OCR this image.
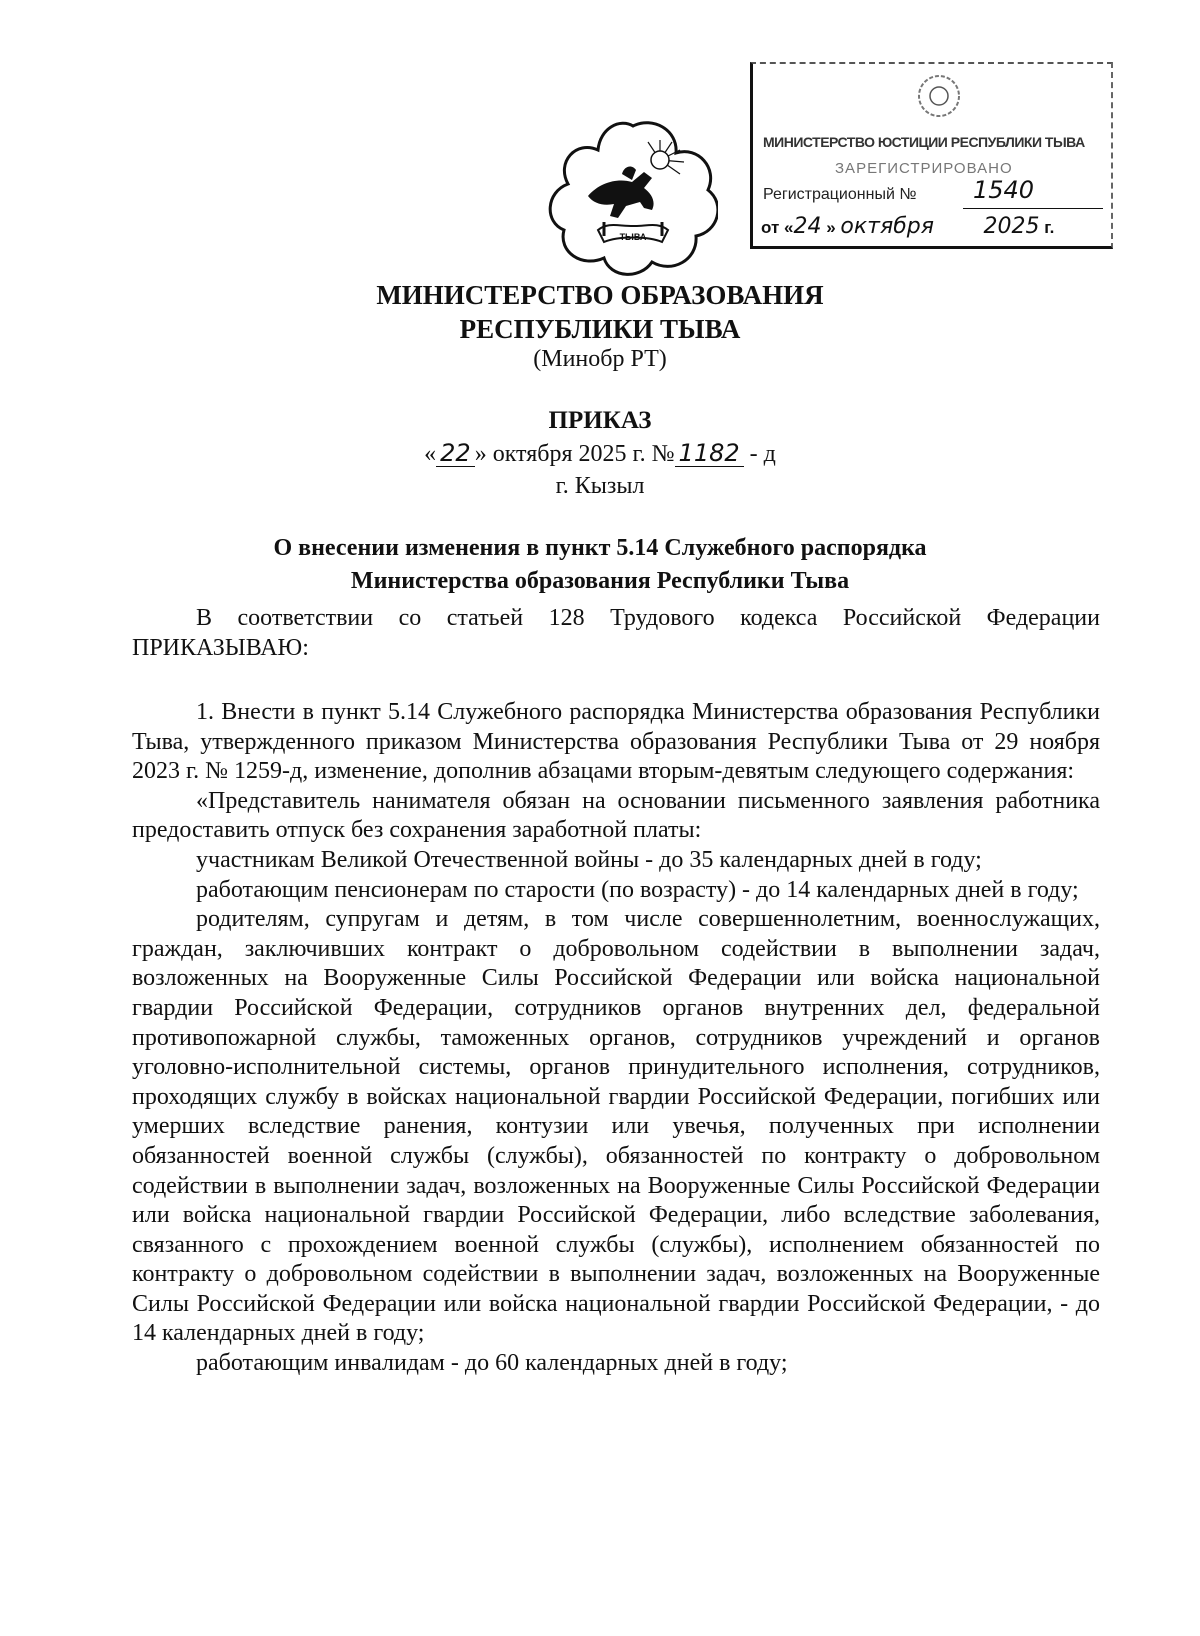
ТЫВА
МИНИСТЕРСТВО ЮСТИЦИИ РЕСПУБЛИКИ ТЫВА
ЗАРЕГИСТРИРОВАНО
Регистрационный № 1540
от «24 » октября 2025 г.
МИНИСТЕРСТВО ОБРАЗОВАНИЯ
РЕСПУБЛИКИ ТЫВА
(Минобр РТ)
ПРИКАЗ
« 22 » октября 2025 г. № 1182 - д
г. Кызыл
О внесении изменения в пункт 5.14 Служебного распорядка
Министерства образования Республики Тыва

В соответствии со статьей 128 Трудового кодекса Российской Федерации ПРИКАЗЫВАЮ:

1. Внести в пункт 5.14 Служебного распорядка Министерства образования Республики Тыва, утвержденного приказом Министерства образования Республики Тыва от 29 ноября 2023 г. № 1259-д, изменение, дополнив абзацами вторым-девятым следующего содержания:

«Представитель нанимателя обязан на основании письменного заявления работника предоставить отпуск без сохранения заработной платы:

участникам Великой Отечественной войны - до 35 календарных дней в году;

работающим пенсионерам по старости (по возрасту) - до 14 календарных дней в году;

родителям, супругам и детям, в том числе совершеннолетним, военнослужащих, граждан, заключивших контракт о добровольном содействии в выполнении задач, возложенных на Вооруженные Силы Российской Федерации или войска национальной гвардии Российской Федерации, сотрудников органов внутренних дел, федеральной противопожарной службы, таможенных органов, сотрудников учреждений и органов уголовно-исполнительной системы, органов принудительного исполнения, сотрудников, проходящих службу в войсках национальной гвардии Российской Федерации, погибших или умерших вследствие ранения, контузии или увечья, полученных при исполнении обязанностей военной службы (службы), обязанностей по контракту о добровольном содействии в выполнении задач, возложенных на Вооруженные Силы Российской Федерации или войска национальной гвардии Российской Федерации, либо вследствие заболевания, связанного с прохождением военной службы (службы), исполнением обязанностей по контракту о добровольном содействии в выполнении задач, возложенных на Вооруженные Силы Российской Федерации или войска национальной гвардии Российской Федерации, - до 14 календарных дней в году;

работающим инвалидам - до 60 календарных дней в году;
